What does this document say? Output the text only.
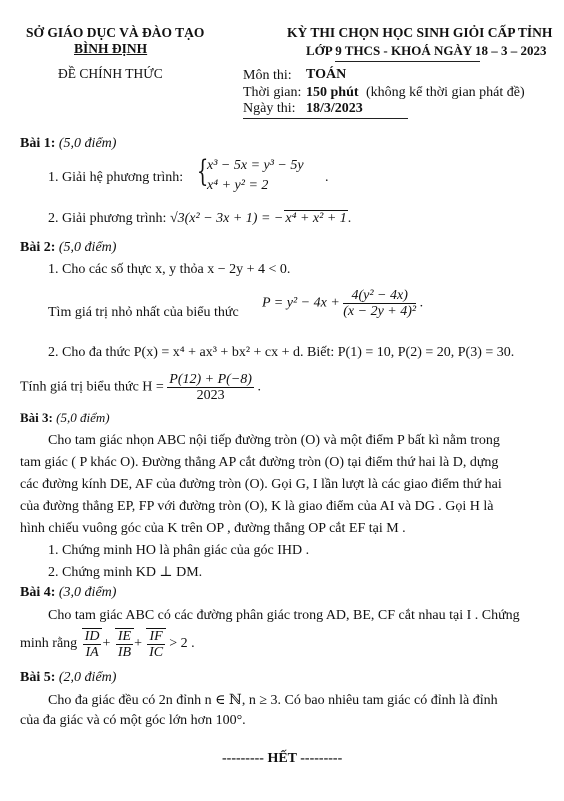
SỞ GIÁO DỤC VÀ ĐÀO TẠO
BÌNH ĐỊNH
ĐỀ CHÍNH THỨC
KỲ THI CHỌN HỌC SINH GIỎI CẤP TỈNH
LỚP 9 THCS - KHOÁ NGÀY 18 – 3 – 2023
Môn thi: TOÁN
Thời gian: 150 phút (không kể thời gian phát đề)
Ngày thi: 18/3/2023
Bài 1: (5,0 điểm)
1. Giải hệ phương trình: {
x³ − 5x = y³ − 5y
x⁴ + y² = 2
.
2. Giải phương trình: √3(x² − 3x + 1) = − x⁴ + x² + 1.
Bài 2: (5,0 điểm)
1. Cho các số thực x, y thỏa x − 2y + 4 < 0.
Tìm giá trị nhỏ nhất của biểu thức
$P = y^2 - 4x + \frac{\text{4(y² − 4x)}}{\text{(x − 2y + 4)²}}$ .
2. Cho đa thức P(x) = x⁴ + ax³ + bx² + cx + d. Biết: P(1) = 10, P(2) = 20, P(3) = 30.
Tính giá trị biểu thức $H = \frac{P(12) + P(-8)}{2023}$ .
Bài 3: (5,0 điểm)
Cho tam giác nhọn ABC nội tiếp đường tròn (O) và một điểm P bất kì nằm trong
tam giác ( P khác O). Đường thẳng AP cắt đường tròn (O) tại điểm thứ hai là D, dựng
các đường kính DE, AF của đường tròn (O). Gọi G, I lần lượt là các giao điểm thứ hai
của đường thẳng EP, FP với đường tròn (O), K là giao điểm của AI và DG . Gọi H là
hình chiếu vuông góc của K trên OP , đường thẳng OP cắt EF tại M .
1. Chứng minh HO là phân giác của góc IHD .
2. Chứng minh KD ⊥ DM.
Bài 4: (3,0 điểm)
Cho tam giác ABC có các đường phân giác trong AD, BE, CF cắt nhau tại I . Chứng
minh rằng $\frac{ID}{IA} + \frac{IE}{IB} + \frac{IF}{IC} > 2$ .
Bài 5: (2,0 điểm)
Cho đa giác đều có 2n đỉnh n ∈ ℕ, n ≥ 3. Có bao nhiêu tam giác có đỉnh là đỉnh
của đa giác và có một góc lớn hơn 100°.
--------- HẾT ---------
